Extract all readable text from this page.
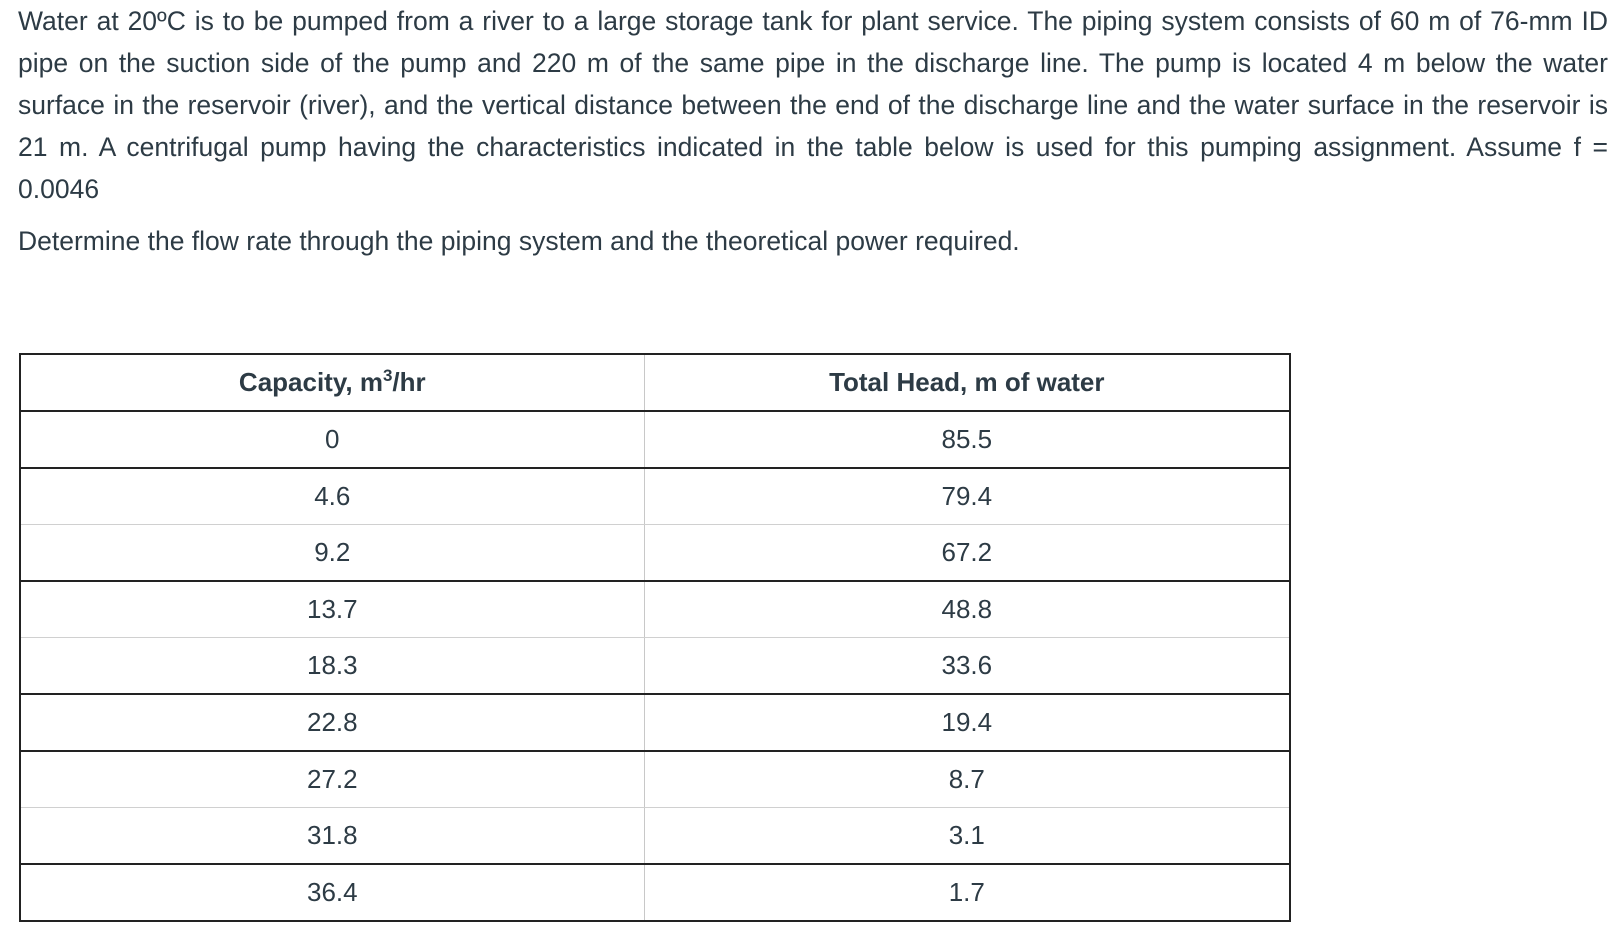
Water at 20ºC is to be pumped from a river to a large storage tank for plant service. The piping system consists of 60 m of 76-mm ID pipe on the suction side of the pump and 220 m of the same pipe in the discharge line. The pump is located 4 m below the water surface in the reservoir (river), and the vertical distance between the end of the discharge line and the water surface in the reservoir is 21 m. A centrifugal pump having the characteristics indicated in the table below is used for this pumping assignment. Assume f = 0.0046

Determine the flow rate through the piping system and the theoretical power required.

Capacity, $m^3/hr$	Total Head, m of water
0	85.5
4.6	79.4
9.2	67.2
13.7	48.8
18.3	33.6
22.8	19.4
27.2	8.7
31.8	3.1
36.4	1.7
